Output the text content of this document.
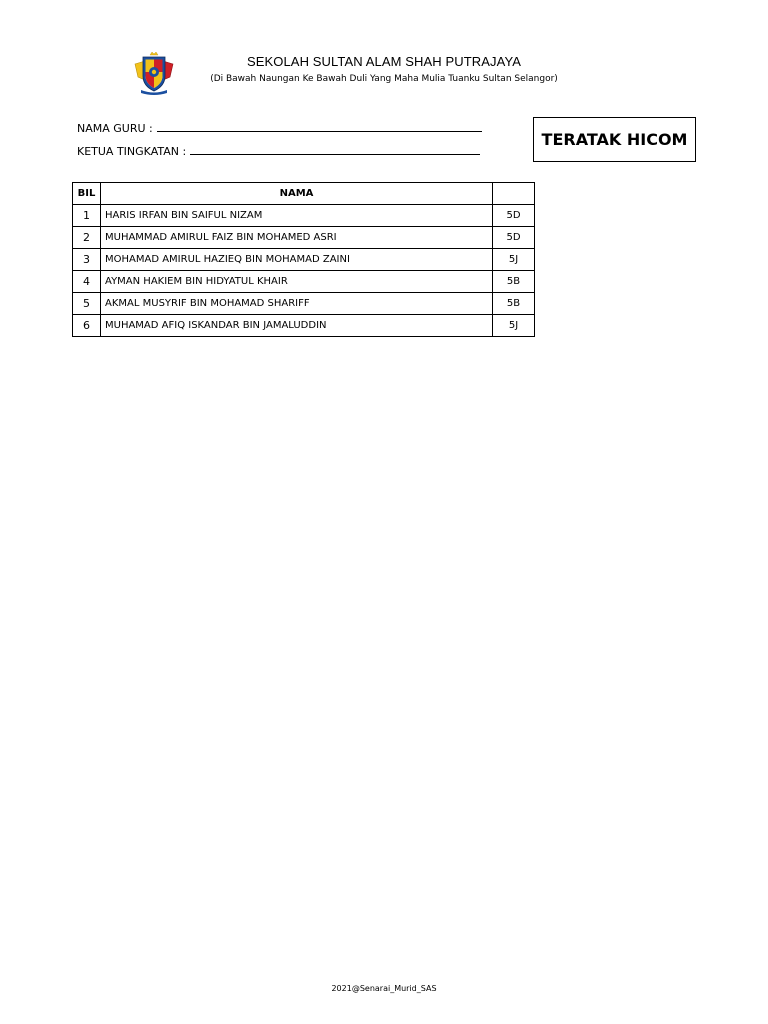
SEKOLAH SULTAN ALAM SHAH PUTRAJAYA
(Di Bawah Naungan Ke Bawah Duli Yang Maha Mulia Tuanku Sultan Selangor)
NAMA GURU :
KETUA TINGKATAN :
TERATAK HICOM
BIL	NAMA	
1	HARIS IRFAN BIN SAIFUL NIZAM	5D
2	MUHAMMAD AMIRUL FAIZ BIN MOHAMED ASRI	5D
3	MOHAMAD AMIRUL HAZIEQ BIN MOHAMAD ZAINI	5J
4	AYMAN HAKIEM BIN HIDYATUL KHAIR	5B
5	AKMAL MUSYRIF BIN MOHAMAD SHARIFF	5B
6	MUHAMAD AFIQ ISKANDAR BIN JAMALUDDIN	5J
2021@Senarai_Murid_SAS
